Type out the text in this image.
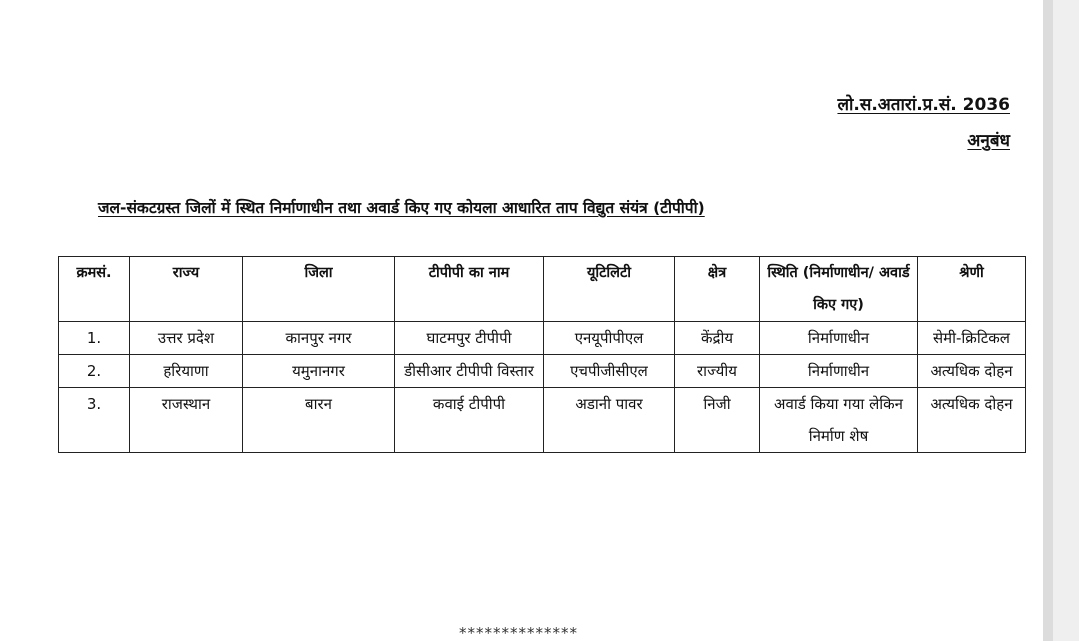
लो.स.अतारां.प्र.सं. 2036
अनुबंध
जल-संकटग्रस्त जिलों में स्थित निर्माणाधीन तथा अवार्ड किए गए कोयला आधारित ताप विद्युत संयंत्र (टीपीपी)
क्रमसं.	राज्य	जिला	टीपीपी का नाम	यूटिलिटी	क्षेत्र	स्थिति (निर्माणाधीन/ अवार्ड किए गए)	श्रेणी
1.	उत्तर प्रदेश	कानपुर नगर	घाटमपुर टीपीपी	एनयूपीपीएल	केंद्रीय	निर्माणाधीन	सेमी-क्रिटिकल
2.	हरियाणा	यमुनानगर	डीसीआर टीपीपी विस्तार	एचपीजीसीएल	राज्यीय	निर्माणाधीन	अत्यधिक दोहन
3.	राजस्थान	बारन	कवाई टीपीपी	अडानी पावर	निजी	अवार्ड किया गया लेकिन निर्माण शेष	अत्यधिक दोहन
**************
